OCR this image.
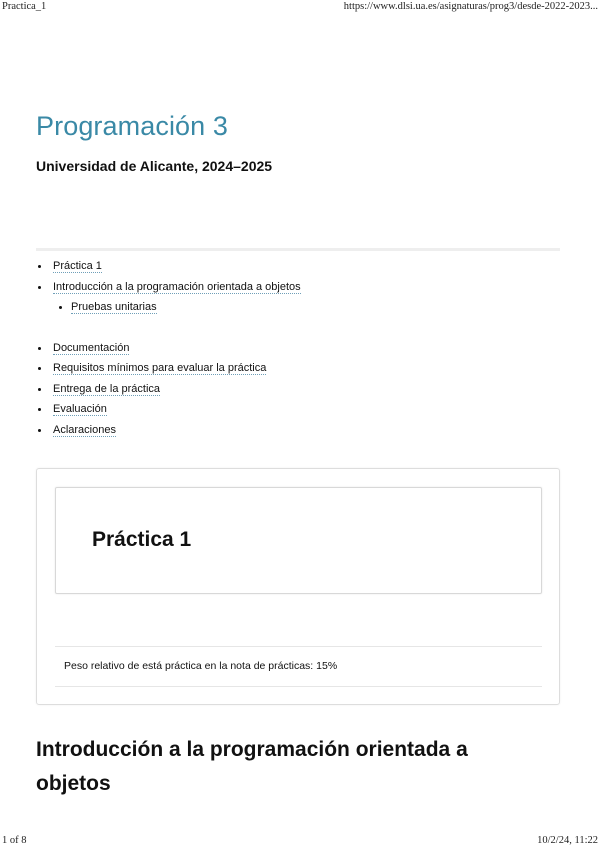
Practica_1	https://www.dlsi.ua.es/asignaturas/prog3/desde-2022-2023...
Programación 3
Universidad de Alicante, 2024–2025
Práctica 1
Introducción a la programación orientada a objetos
Pruebas unitarias
Documentación
Requisitos mínimos para evaluar la práctica
Entrega de la práctica
Evaluación
Aclaraciones
Práctica 1

Peso relativo de está práctica en la nota de prácticas: 15%

Introducción a la programación orientada a objetos
1 of 8	10/2/24, 11:22
